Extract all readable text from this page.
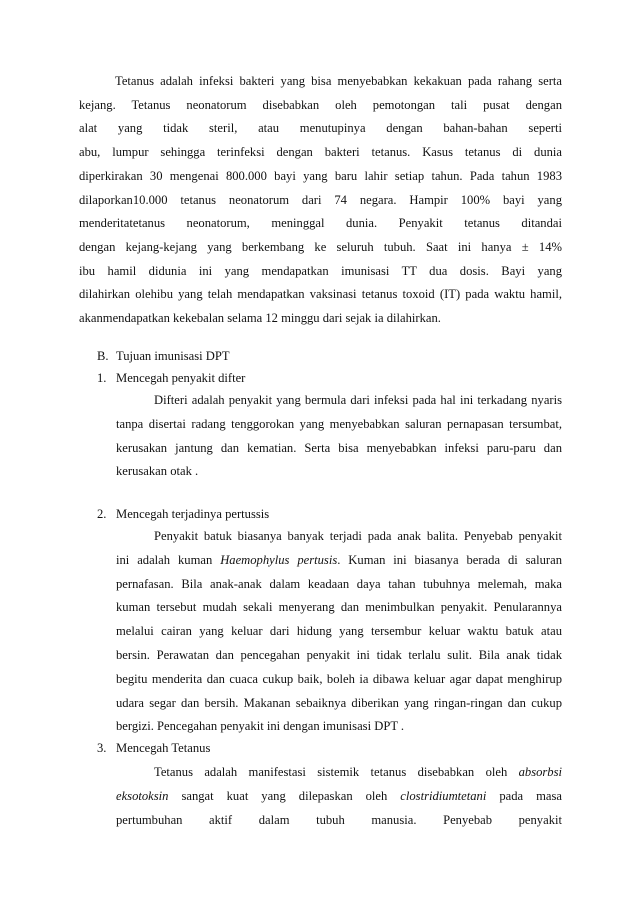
Tetanus adalah infeksi bakteri yang bisa menyebabkan kekakuan pada rahang serta
kejang. Tetanus neonatorum disebabkan oleh pemotongan tali pusat dengan
alat yang tidak steril, atau menutupinya dengan bahan-bahan seperti
abu, lumpur sehingga terinfeksi dengan bakteri tetanus. Kasus tetanus di dunia
diperkirakan 30 mengenai 800.000 bayi yang baru lahir setiap tahun. Pada tahun 1983
dilaporkan10.000 tetanus neonatorum dari 74 negara. Hampir 100% bayi yang
menderitatetanus neonatorum, meninggal dunia. Penyakit tetanus ditandai
dengan kejang-kejang yang berkembang ke seluruh tubuh. Saat ini hanya ± 14%
ibu hamil didunia ini yang mendapatkan imunisasi TT dua dosis. Bayi yang
dilahirkan olehibu yang telah mendapatkan vaksinasi tetanus toxoid (IT) pada waktu hamil,
akanmendapatkan kekebalan selama 12 minggu dari sejak ia dilahirkan.

B. Tujuan imunisasi DPT

1. Mencegah penyakit difter

Difteri adalah penyakit yang bermula dari infeksi pada hal ini terkadang nyaris
tanpa disertai radang tenggorokan yang menyebabkan saluran pernapasan tersumbat,
kerusakan jantung dan kematian. Serta bisa menyebabkan infeksi paru-paru dan
kerusakan otak .

2. Mencegah terjadinya pertussis

Penyakit batuk biasanya banyak terjadi pada anak balita. Penyebab penyakit
ini adalah kuman Haemophylus pertusis. Kuman ini biasanya berada di saluran
pernafasan. Bila anak-anak dalam keadaan daya tahan tubuhnya melemah, maka
kuman tersebut mudah sekali menyerang dan menimbulkan penyakit. Penularannya
melalui cairan yang keluar dari hidung yang tersembur keluar waktu batuk atau
bersin. Perawatan dan pencegahan penyakit ini tidak terlalu sulit. Bila anak tidak
begitu menderita dan cuaca cukup baik, boleh ia dibawa keluar agar dapat menghirup
udara segar dan bersih. Makanan sebaiknya diberikan yang ringan-ringan dan cukup
bergizi. Pencegahan penyakit ini dengan imunisasi DPT .

3. Mencegah Tetanus

Tetanus adalah manifestasi sistemik tetanus disebabkan oleh absorbsi
eksotoksin sangat kuat yang dilepaskan oleh clostridiumtetani pada masa
pertumbuhan aktif dalam tubuh manusia. Penyebab penyakit
